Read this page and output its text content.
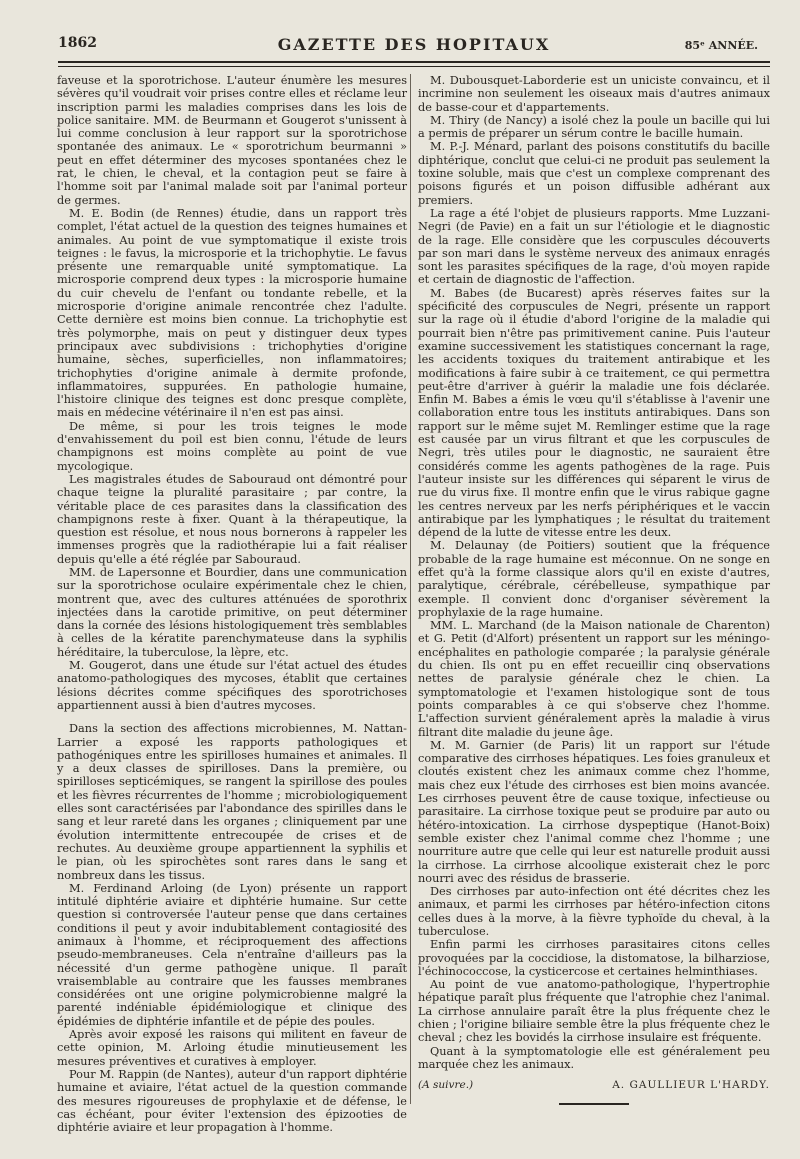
1862	GAZETTE DES HOPITAUX	85ᵉ ANNÉE.

faveuse et la sporotrichose. L'auteur énumère les mesures sévères qu'il voudrait voir prises contre elles et réclame leur inscription parmi les maladies comprises dans les lois de police sanitaire. MM. de Beurmann et Gougerot s'unissent à lui comme conclusion à leur rapport sur la sporotrichose spontanée des animaux. Le « sporotrichum beurmanni » peut en effet déterminer des mycoses spontanées chez le rat, le chien, le cheval, et la contagion peut se faire à l'homme soit par l'animal malade soit par l'animal porteur de germes.

M. E. Bodin (de Rennes) étudie, dans un rapport très complet, l'état actuel de la question des teignes humaines et animales. Au point de vue symptomatique il existe trois teignes : le favus, la microsporie et la trichophytie. Le favus présente une remarquable unité symptomatique. La microsporie comprend deux types : la microsporie humaine du cuir chevelu de l'enfant ou tondante rebelle, et la microsporie d'origine animale rencontrée chez l'adulte. Cette dernière est moins bien connue. La trichophytie est très polymorphe, mais on peut y distinguer deux types principaux avec subdivisions : trichophyties d'origine humaine, sèches, superficielles, non inflammatoires; trichophyties d'origine animale à dermite profonde, inflammatoires, suppurées. En pathologie humaine, l'histoire clinique des teignes est donc presque complète, mais en médecine vétérinaire il n'en est pas ainsi.

De même, si pour les trois teignes le mode d'envahissement du poil est bien connu, l'étude de leurs champignons est moins complète au point de vue mycologique.

Les magistrales études de Sabouraud ont démontré pour chaque teigne la pluralité parasitaire ; par contre, la véritable place de ces parasites dans la classification des champignons reste à fixer. Quant à la thérapeutique, la question est résolue, et nous nous bornerons à rappeler les immenses progrès que la radiothérapie lui a fait réaliser depuis qu'elle a été réglée par Sabouraud.

MM. de Lapersonne et Bourdier, dans une communication sur la sporotrichose oculaire expérimentale chez le chien, montrent que, avec des cultures atténuées de sporothrix injectées dans la carotide primitive, on peut déterminer dans la cornée des lésions histologiquement très semblables à celles de la kératite parenchymateuse dans la syphilis héréditaire, la tuberculose, la lèpre, etc.

M. Gougerot, dans une étude sur l'état actuel des études anatomo-pathologiques des mycoses, établit que certaines lésions décrites comme spécifiques des sporotrichoses appartiennent aussi à bien d'autres mycoses.

Dans la section des affections microbiennes, M. Nattan-Larrier a exposé les rapports pathologiques et pathogéniques entre les spirilloses humaines et animales. Il y a deux classes de spirilloses. Dans la première, ou spirilloses septicémiques, se rangent la spirillose des poules et les fièvres récurrentes de l'homme ; microbiologiquement elles sont caractérisées par l'abondance des spirilles dans le sang et leur rareté dans les organes ; cliniquement par une évolution intermittente entrecoupée de crises et de rechutes. Au deuxième groupe appartiennent la syphilis et le pian, où les spirochètes sont rares dans le sang et nombreux dans les tissus.

M. Ferdinand Arloing (de Lyon) présente un rapport intitulé diphtérie aviaire et diphtérie humaine. Sur cette question si controversée l'auteur pense que dans certaines conditions il peut y avoir indubitablement contagiosité des animaux à l'homme, et réciproquement des affections pseudo-membraneuses. Cela n'entraîne d'ailleurs pas la nécessité d'un germe pathogène unique. Il paraît vraisemblable au contraire que les fausses membranes considérées ont une origine polymicrobienne malgré la parenté indéniable épidémiologique et clinique des épidémies de diphtérie infantile et de pépie des poules.

Après avoir exposé les raisons qui militent en faveur de cette opinion, M. Arloing étudie minutieusement les mesures préventives et curatives à employer.

Pour M. Rappin (de Nantes), auteur d'un rapport diphtérie humaine et aviaire, l'état actuel de la question commande des mesures rigoureuses de prophylaxie et de défense, le cas échéant, pour éviter l'extension des épizooties de diphtérie aviaire et leur propagation à l'homme.

M. Dubousquet-Laborderie est un uniciste convaincu, et il incrimine non seulement les oiseaux mais d'autres animaux de basse-cour et d'appartements.

M. Thiry (de Nancy) a isolé chez la poule un bacille qui lui a permis de préparer un sérum contre le bacille humain.

M. P.-J. Ménard, parlant des poisons constitutifs du bacille diphtérique, conclut que celui-ci ne produit pas seulement la toxine soluble, mais que c'est un complexe comprenant des poisons figurés et un poison diffusible adhérant aux premiers.

La rage a été l'objet de plusieurs rapports. Mme Luzzani-Negri (de Pavie) en a fait un sur l'étiologie et le diagnostic de la rage. Elle considère que les corpuscules découverts par son mari dans le système nerveux des animaux enragés sont les parasites spécifiques de la rage, d'où moyen rapide et certain de diagnostic de l'affection.

M. Babes (de Bucarest) après réserves faites sur la spécificité des corpuscules de Negri, présente un rapport sur la rage où il étudie d'abord l'origine de la maladie qui pourrait bien n'être pas primitivement canine. Puis l'auteur examine successivement les statistiques concernant la rage, les accidents toxiques du traitement antirabique et les modifications à faire subir à ce traitement, ce qui permettra peut-être d'arriver à guérir la maladie une fois déclarée. Enfin M. Babes a émis le vœu qu'il s'établisse à l'avenir une collaboration entre tous les instituts antirabiques. Dans son rapport sur le même sujet M. Remlinger estime que la rage est causée par un virus filtrant et que les corpuscules de Negri, très utiles pour le diagnostic, ne sauraient être considérés comme les agents pathogènes de la rage. Puis l'auteur insiste sur les différences qui séparent le virus de rue du virus fixe. Il montre enfin que le virus rabique gagne les centres nerveux par les nerfs périphériques et le vaccin antirabique par les lymphatiques ; le résultat du traitement dépend de la lutte de vitesse entre les deux.

M. Delaunay (de Poitiers) soutient que la fréquence probable de la rage humaine est méconnue. On ne songe en effet qu'à la forme classique alors qu'il en existe d'autres, paralytique, cérébrale, cérébelleuse, sympathique par exemple. Il convient donc d'organiser sévèrement la prophylaxie de la rage humaine.

MM. L. Marchand (de la Maison nationale de Charenton) et G. Petit (d'Alfort) présentent un rapport sur les méningo-encéphalites en pathologie comparée ; la paralysie générale du chien. Ils ont pu en effet recueillir cinq observations nettes de paralysie générale chez le chien. La symptomatologie et l'examen histologique sont de tous points comparables à ce qui s'observe chez l'homme. L'affection survient généralement après la maladie à virus filtrant dite maladie du jeune âge.

M. M. Garnier (de Paris) lit un rapport sur l'étude comparative des cirrhoses hépatiques. Les foies granuleux et cloutés existent chez les animaux comme chez l'homme, mais chez eux l'étude des cirrhoses est bien moins avancée. Les cirrhoses peuvent être de cause toxique, infectieuse ou parasitaire. La cirrhose toxique peut se produire par auto ou hétéro-intoxication. La cirrhose dyspeptique (Hanot-Boix) semble exister chez l'animal comme chez l'homme ; une nourriture autre que celle qui leur est naturelle produit aussi la cirrhose. La cirrhose alcoolique existerait chez le porc nourri avec des résidus de brasserie.

Des cirrhoses par auto-infection ont été décrites chez les animaux, et parmi les cirrhoses par hétéro-infection citons celles dues à la morve, à la fièvre typhoïde du cheval, à la tuberculose.

Enfin parmi les cirrhoses parasitaires citons celles provoquées par la coccidiose, la distomatose, la bilharziose, l'échinococcose, la cysticercose et certaines helminthiases.

Au point de vue anatomo-pathologique, l'hypertrophie hépatique paraît plus fréquente que l'atrophie chez l'animal. La cirrhose annulaire paraît être la plus fréquente chez le chien ; l'origine biliaire semble être la plus fréquente chez le cheval ; chez les bovidés la cirrhose insulaire est fréquente.

Quant à la symptomatologie elle est généralement peu marquée chez les animaux.

(A suivre.)	A. GAULLIEUR L'HARDY.
